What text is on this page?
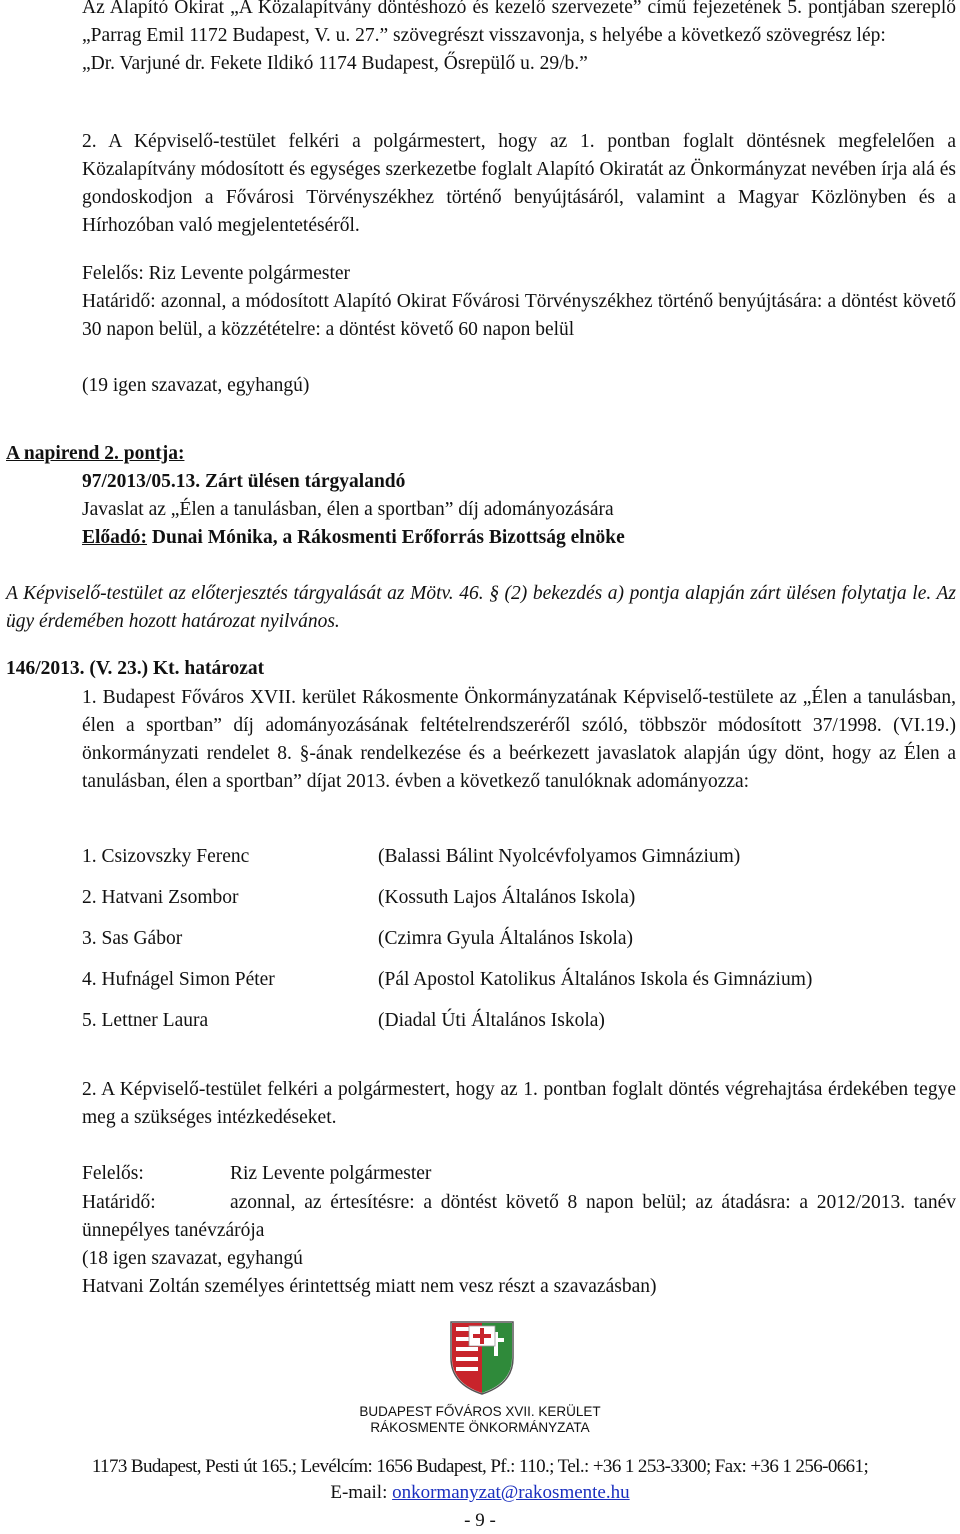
Az Alapító Okirat „A Közalapítvány döntéshozó és kezelő szervezete” című fejezetének 5. pontjában szereplő „Parrag Emil 1172 Budapest, V. u. 27.” szövegrészt visszavonja, s helyébe a következő szövegrész lép:

„Dr. Varjuné dr. Fekete Ildikó 1174 Budapest, Ősrepülő u. 29/b.”

2. A Képviselő-testület felkéri a polgármestert, hogy az 1. pontban foglalt döntésnek megfelelően a Közalapítvány módosított és egységes szerkezetbe foglalt Alapító Okiratát az Önkormányzat nevében írja alá és gondoskodjon a Fővárosi Törvényszékhez történő benyújtásáról, valamint a Magyar Közlönyben és a Hírhozóban való megjelentetéséről.

Felelős: Riz Levente polgármester

Határidő: azonnal, a módosított Alapító Okirat Fővárosi Törvényszékhez történő benyújtására: a döntést követő 30 napon belül, a közzétételre: a döntést követő 60 napon belül

(19 igen szavazat, egyhangú)
A napirend 2. pontja:
97/2013/05.13. Zárt ülésen tárgyalandó
Javaslat az „Élen a tanulásban, élen a sportban” díj adományozására
Előadó: Dunai Mónika, a Rákosmenti Erőforrás Bizottság elnöke

A Képviselő-testület az előterjesztés tárgyalását az Mötv. 46. § (2) bekezdés a) pontja alapján zárt ülésen folytatja le. Az ügy érdemében hozott határozat nyilvános.

146/2013. (V. 23.) Kt. határozat

1. Budapest Főváros XVII. kerület Rákosmente Önkormányzatának Képviselő-testülete az „Élen a tanulásban, élen a sportban” díj adományozásának feltételrendszeréről szóló, többször módosított 37/1998. (VI.19.) önkormányzati rendelet 8. §-ának rendelkezése és a beérkezett javaslatok alapján úgy dönt, hogy az Élen a tanulásban, élen a sportban” díjat 2013. évben a következő tanulóknak adományozza:

1. Csizovszky Ferenc	(Balassi Bálint Nyolcévfolyamos Gimnázium)
2. Hatvani Zsombor	(Kossuth Lajos Általános Iskola)
3. Sas Gábor	(Czimra Gyula Általános Iskola)
4. Hufnágel Simon Péter	(Pál Apostol Katolikus Általános Iskola és Gimnázium)
5. Lettner Laura	(Diadal Úti Általános Iskola)

2. A Képviselő-testület felkéri a polgármestert, hogy az 1. pontban foglalt döntés végrehajtása érdekében tegye meg a szükséges intézkedéseket.

Felelős:	Riz Levente polgármester

Határidő:	azonnal, az értesítésre: a döntést követő 8 napon belül; az átadásra: a 2012/2013. tanév ünnepélyes tanévzárója

(18 igen szavazat, egyhangú
Hatvani Zoltán személyes érintettség miatt nem vesz részt a szavazásban)
BUDAPEST FŐVÁROS XVII. KERÜLET
RÁKOSMENTE ÖNKORMÁNYZATA
1173 Budapest, Pesti út 165.; Levélcím: 1656 Budapest, Pf.: 110.; Tel.: +36 1 253-3300; Fax: +36 1 256-0661;
E-mail: onkormanyzat@rakosmente.hu
- 9 -
